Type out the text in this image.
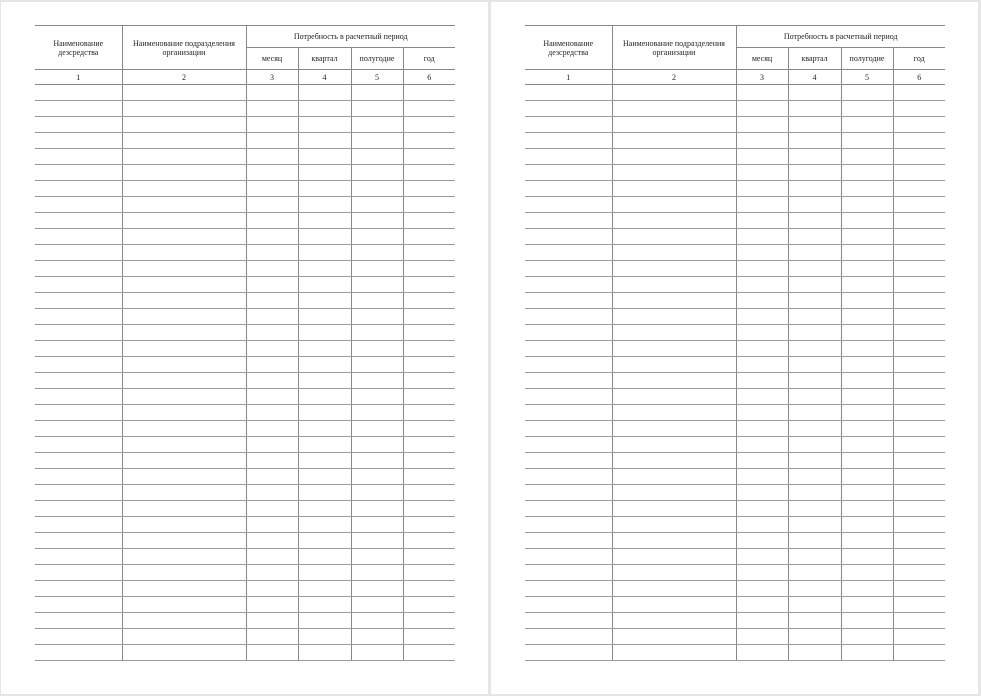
Наименование дезсредства	Наименование подразделения организации	Потребность в расчетный период			
		месяц	квартал	полугодие	год
1	2	3	4	5	6

Наименование дезсредства	Наименование подразделения организации	Потребность в расчетный период			
		месяц	квартал	полугодие	год
1	2	3	4	5	6
